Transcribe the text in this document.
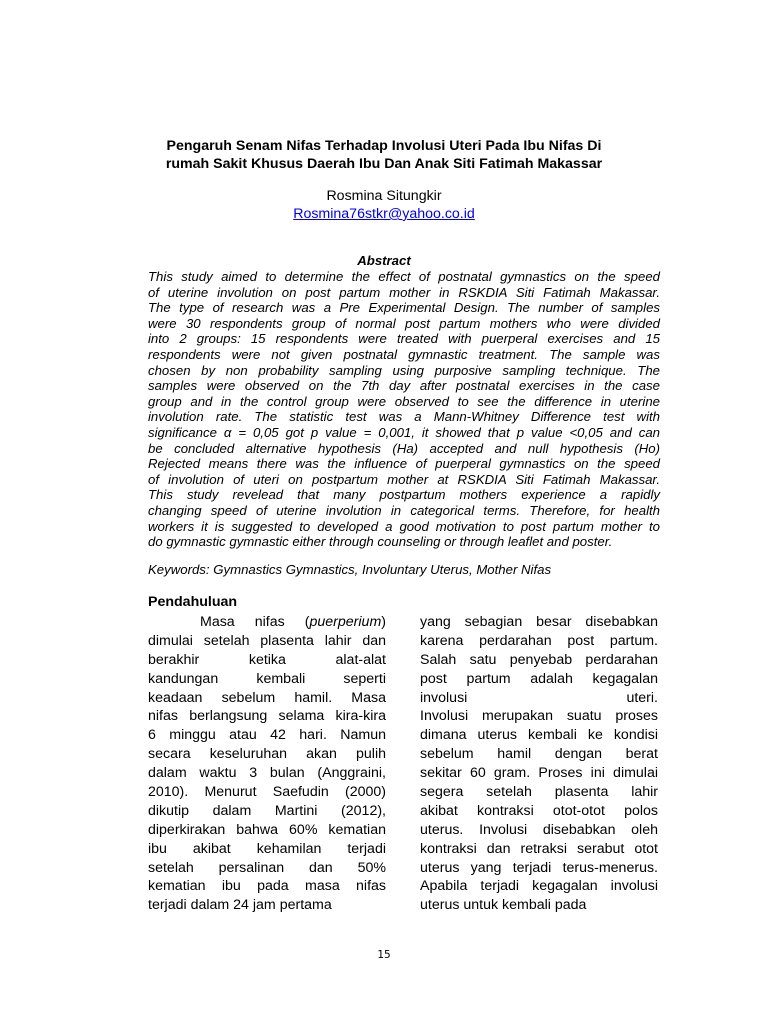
Pengaruh Senam Nifas Terhadap Involusi Uteri Pada Ibu Nifas Di
rumah Sakit Khusus Daerah Ibu Dan Anak Siti Fatimah Makassar
Rosmina Situngkir
Rosmina76stkr@yahoo.co.id
Abstract
This study aimed to determine the effect of postnatal gymnastics on the speed
of uterine involution on post partum mother in RSKDIA Siti Fatimah Makassar.
The type of research was a Pre Experimental Design. The number of samples
were 30 respondents group of normal post partum mothers who were divided
into 2 groups: 15 respondents were treated with puerperal exercises and 15
respondents were not given postnatal gymnastic treatment. The sample was
chosen by non probability sampling using purposive sampling technique. The
samples were observed on the 7th day after postnatal exercises in the case
group and in the control group were observed to see the difference in uterine
involution rate. The statistic test was a Mann-Whitney Difference test with
significance α = 0,05 got p value = 0,001, it showed that p value <0,05 and can
be concluded alternative hypothesis (Ha) accepted and null hypothesis (Ho)
Rejected means there was the influence of puerperal gymnastics on the speed
of involution of uteri on postpartum mother at RSKDIA Siti Fatimah Makassar.
This study revelead that many postpartum mothers experience a rapidly
changing speed of uterine involution in categorical terms. Therefore, for health
workers it is suggested to developed a good motivation to post partum mother to
do gymnastic gymnastic either through counseling or through leaflet and poster.
Keywords: Gymnastics Gymnastics, Involuntary Uterus, Mother Nifas
Pendahuluan
Masa nifas (puerperium)
dimulai setelah plasenta lahir dan
berakhir ketika alat-alat
kandungan kembali seperti
keadaan sebelum hamil. Masa
nifas berlangsung selama kira-kira
6 minggu atau 42 hari. Namun
secara keseluruhan akan pulih
dalam waktu 3 bulan (Anggraini,
2010). Menurut Saefudin (2000)
dikutip dalam Martini (2012),
diperkirakan bahwa 60% kematian
ibu akibat kehamilan terjadi
setelah persalinan dan 50%
kematian ibu pada masa nifas
terjadi dalam 24 jam pertama
yang sebagian besar disebabkan
karena perdarahan post partum.
Salah satu penyebab perdarahan
post partum adalah kegagalan
involusi uteri.
Involusi merupakan suatu proses
dimana uterus kembali ke kondisi
sebelum hamil dengan berat
sekitar 60 gram. Proses ini dimulai
segera setelah plasenta lahir
akibat kontraksi otot-otot polos
uterus. Involusi disebabkan oleh
kontraksi dan retraksi serabut otot
uterus yang terjadi terus-menerus.
Apabila terjadi kegagalan involusi
uterus untuk kembali pada
15
